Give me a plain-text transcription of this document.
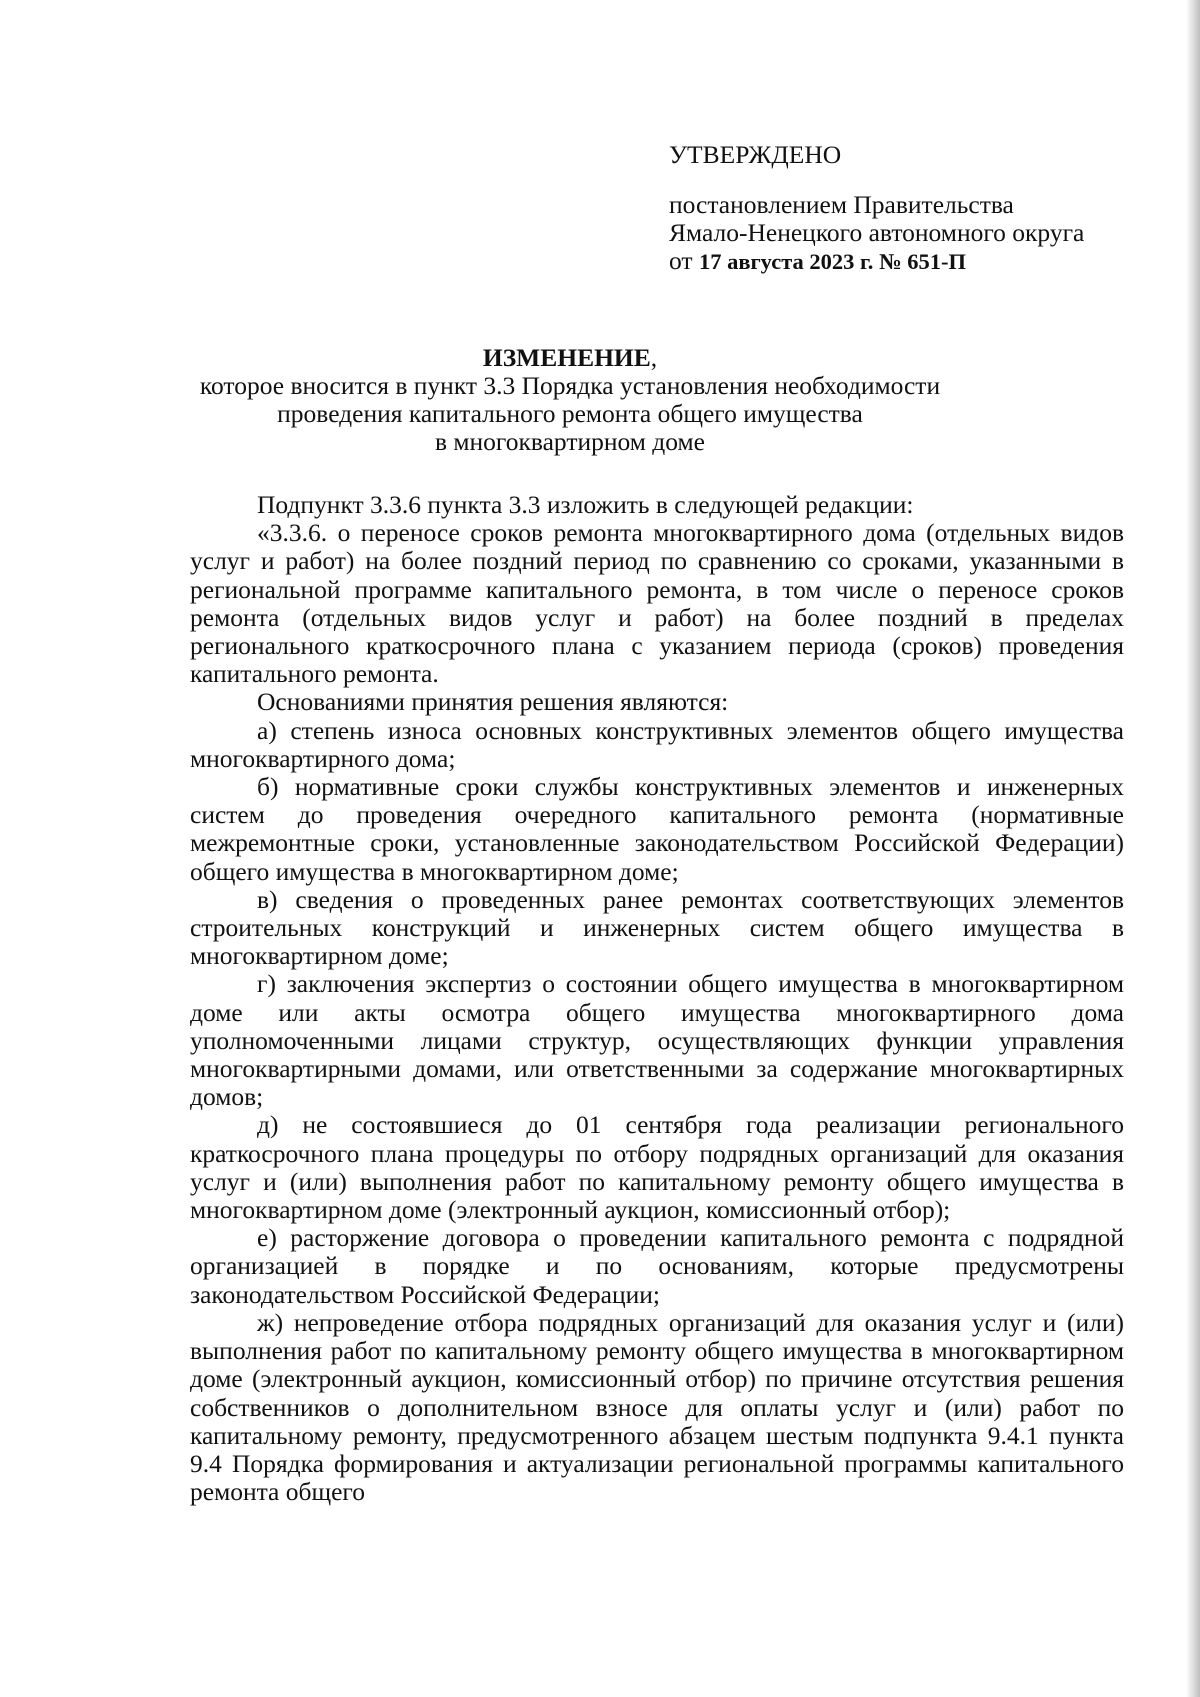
УТВЕРЖДЕНО
постановлением Правительства
Ямало-Ненецкого автономного округа
от 17 августа 2023 г. № 651-П
ИЗМЕНЕНИЕ,
которое вносится в пункт 3.3 Порядка установления необходимости
проведения капитального ремонта общего имущества
в многоквартирном доме

Подпункт 3.3.6 пункта 3.3 изложить в следующей редакции:

«3.3.6. о переносе сроков ремонта многоквартирного дома (отдельных видов услуг и работ) на более поздний период по сравнению со сроками, указанными в региональной программе капитального ремонта, в том числе о переносе сроков ремонта (отдельных видов услуг и работ) на более поздний в пределах регионального краткосрочного плана с указанием периода (сроков) проведения капитального ремонта.

Основаниями принятия решения являются:

а) степень износа основных конструктивных элементов общего имущества многоквартирного дома;

б) нормативные сроки службы конструктивных элементов и инженерных систем до проведения очередного капитального ремонта (нормативные межремонтные сроки, установленные законодательством Российской Федерации) общего имущества в многоквартирном доме;

в) сведения о проведенных ранее ремонтах соответствующих элементов строительных конструкций и инженерных систем общего имущества в многоквартирном доме;

г) заключения экспертиз о состоянии общего имущества в многоквартирном доме или акты осмотра общего имущества многоквартирного дома уполномоченными лицами структур, осуществляющих функции управления многоквартирными домами, или ответственными за содержание многоквартирных домов;

д) не состоявшиеся до 01 сентября года реализации регионального краткосрочного плана процедуры по отбору подрядных организаций для оказания услуг и (или) выполнения работ по капитальному ремонту общего имущества в многоквартирном доме (электронный аукцион, комиссионный отбор);

е) расторжение договора о проведении капитального ремонта с подрядной организацией в порядке и по основаниям, которые предусмотрены законодательством Российской Федерации;

ж) непроведение отбора подрядных организаций для оказания услуг и (или) выполнения работ по капитальному ремонту общего имущества в многоквартирном доме (электронный аукцион, комиссионный отбор) по причине отсутствия решения собственников о дополнительном взносе для оплаты услуг и (или) работ по капитальному ремонту, предусмотренного абзацем шестым подпункта 9.4.1 пункта 9.4 Порядка формирования и актуализации региональной программы капитального ремонта общего
